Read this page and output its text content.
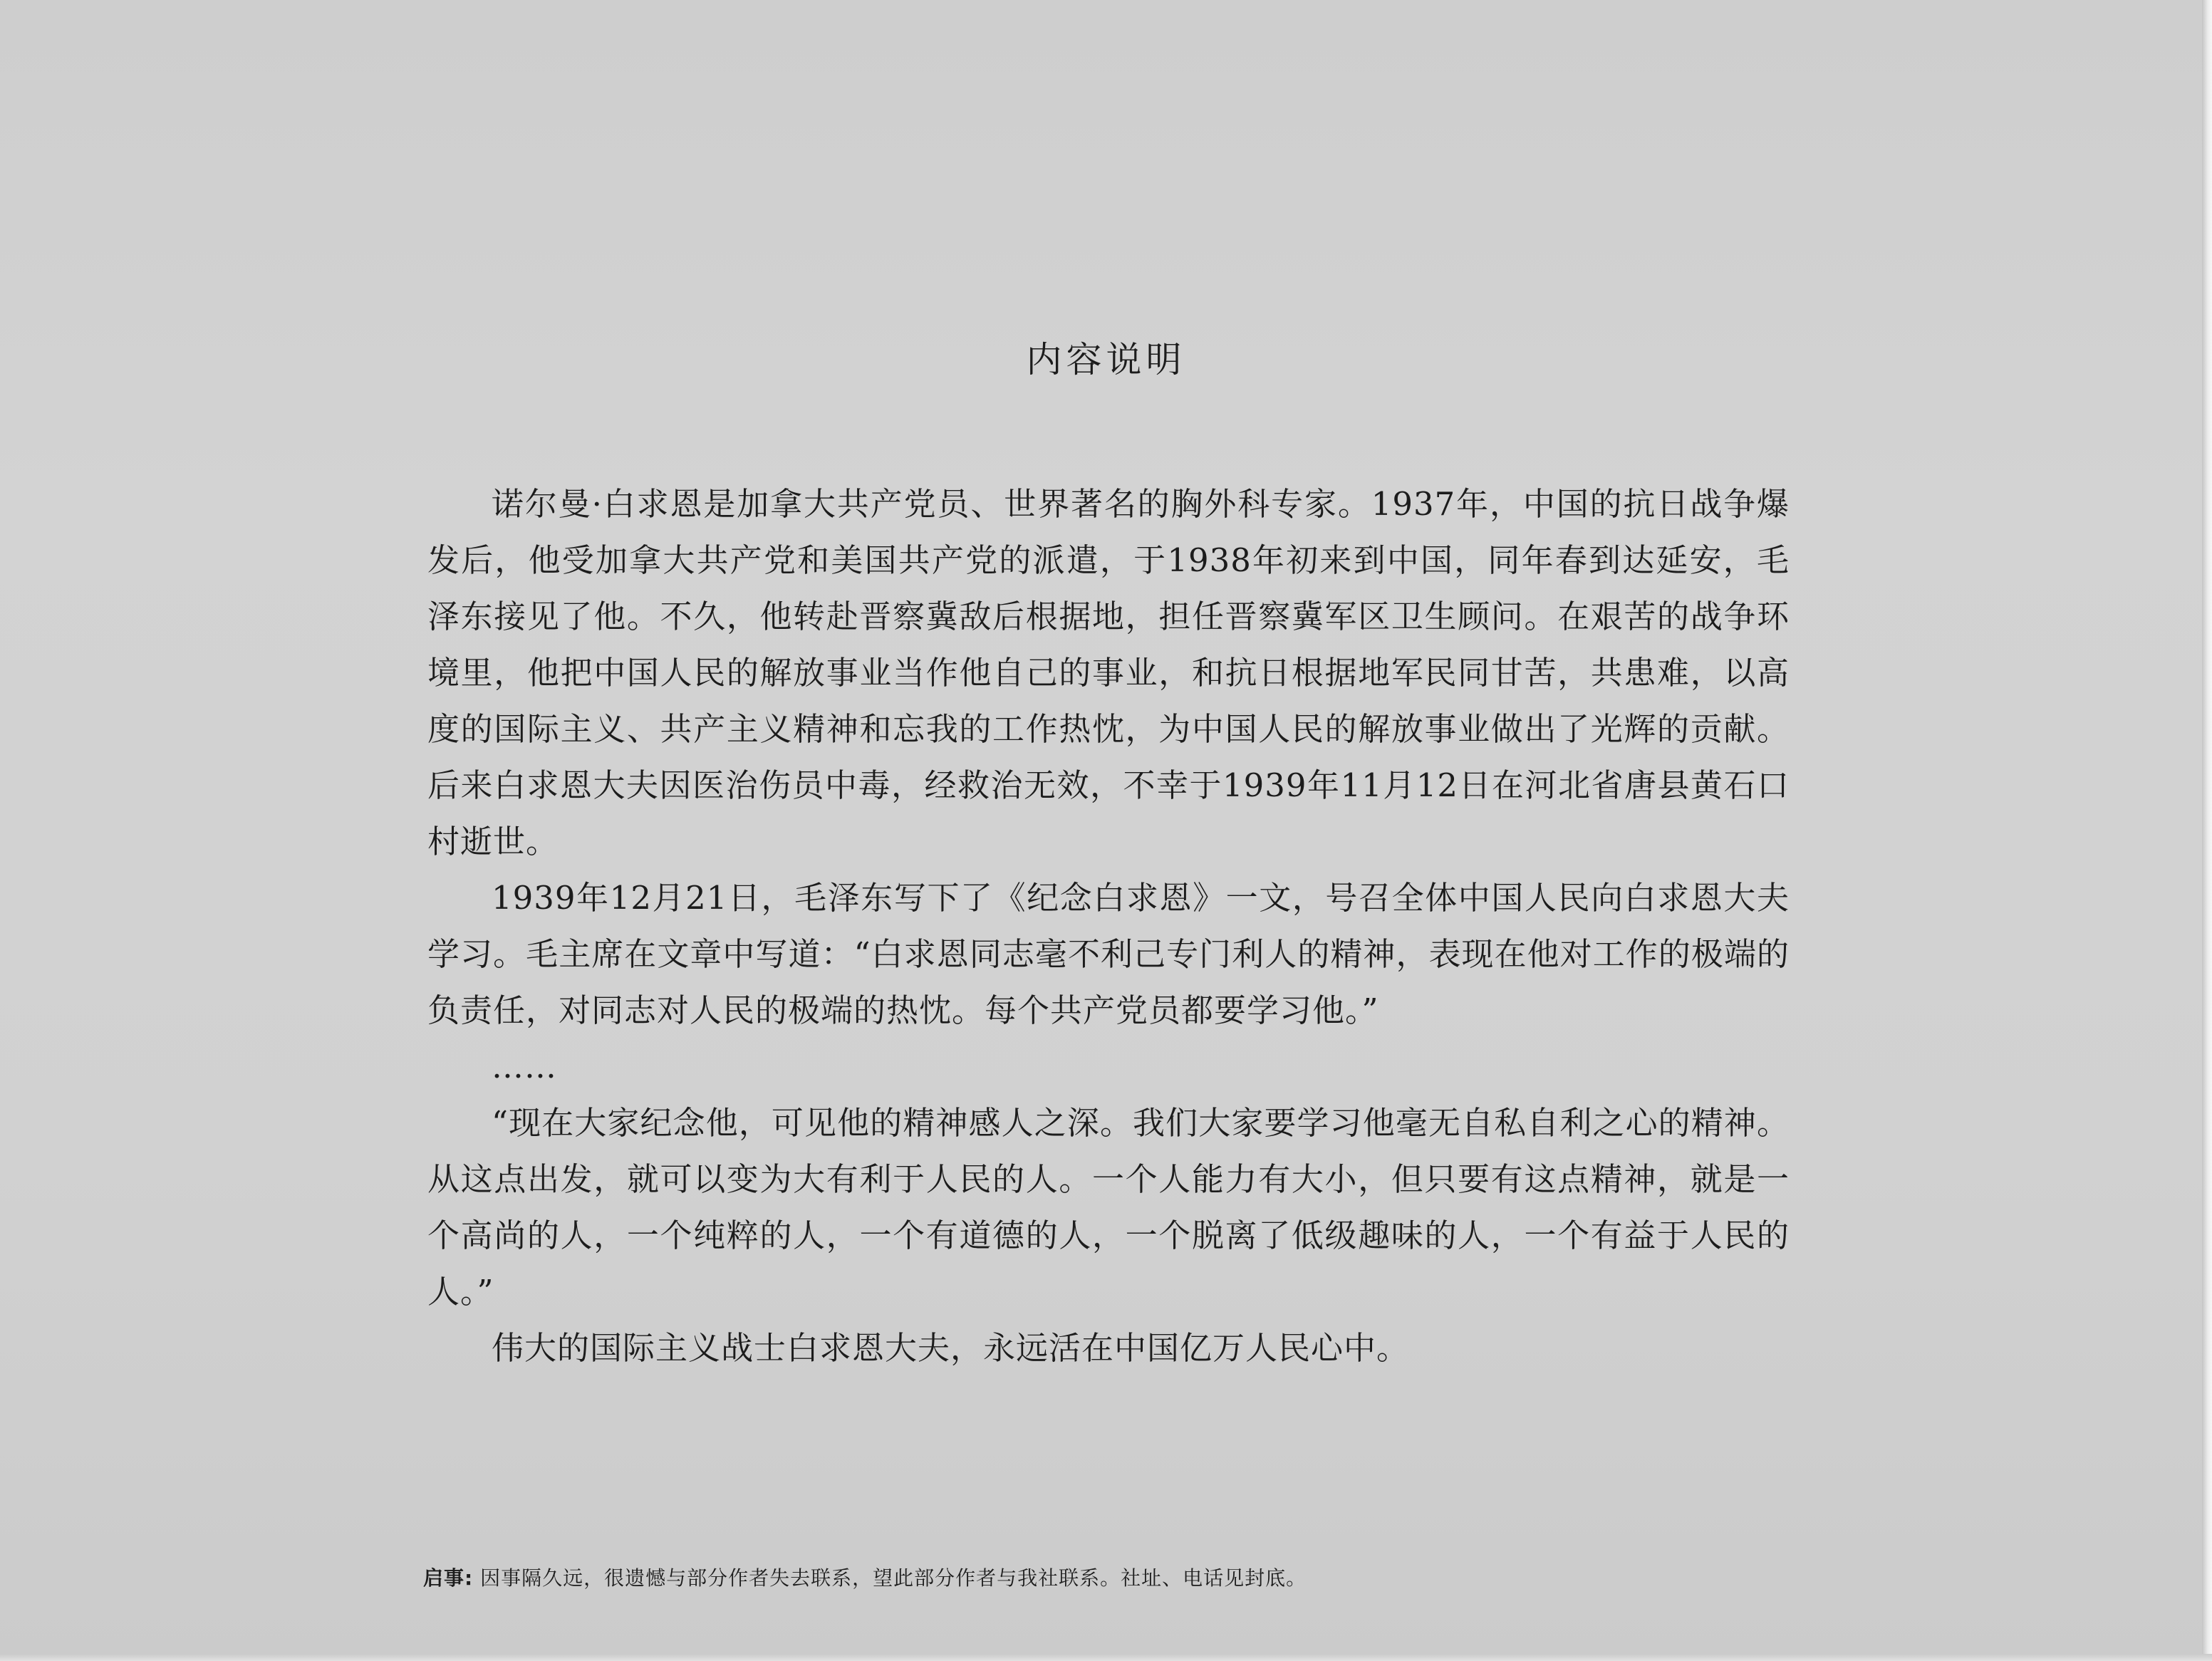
内容说明

诺尔曼·白求恩是加拿大共产党员、世界著名的胸外科专家。1937年，中国的抗日战争爆发后，他受加拿大共产党和美国共产党的派遣，于1938年初来到中国，同年春到达延安，毛泽东接见了他。不久，他转赴晋察冀敌后根据地，担任晋察冀军区卫生顾问。在艰苦的战争环境里，他把中国人民的解放事业当作他自己的事业，和抗日根据地军民同甘苦，共患难，以高度的国际主义、共产主义精神和忘我的工作热忱，为中国人民的解放事业做出了光辉的贡献。后来白求恩大夫因医治伤员中毒，经救治无效，不幸于1939年11月12日在河北省唐县黄石口村逝世。

1939年12月21日，毛泽东写下了《纪念白求恩》一文，号召全体中国人民向白求恩大夫学习。毛主席在文章中写道：“白求恩同志毫不利己专门利人的精神，表现在他对工作的极端的负责任，对同志对人民的极端的热忱。每个共产党员都要学习他。”

……

“现在大家纪念他，可见他的精神感人之深。我们大家要学习他毫无自私自利之心的精神。从这点出发，就可以变为大有利于人民的人。一个人能力有大小，但只要有这点精神，就是一个高尚的人，一个纯粹的人，一个有道德的人，一个脱离了低级趣味的人，一个有益于人民的人。”

伟大的国际主义战士白求恩大夫，永远活在中国亿万人民心中。

启事: 因事隔久远，很遗憾与部分作者失去联系，望此部分作者与我社联系。社址、电话见封底。
